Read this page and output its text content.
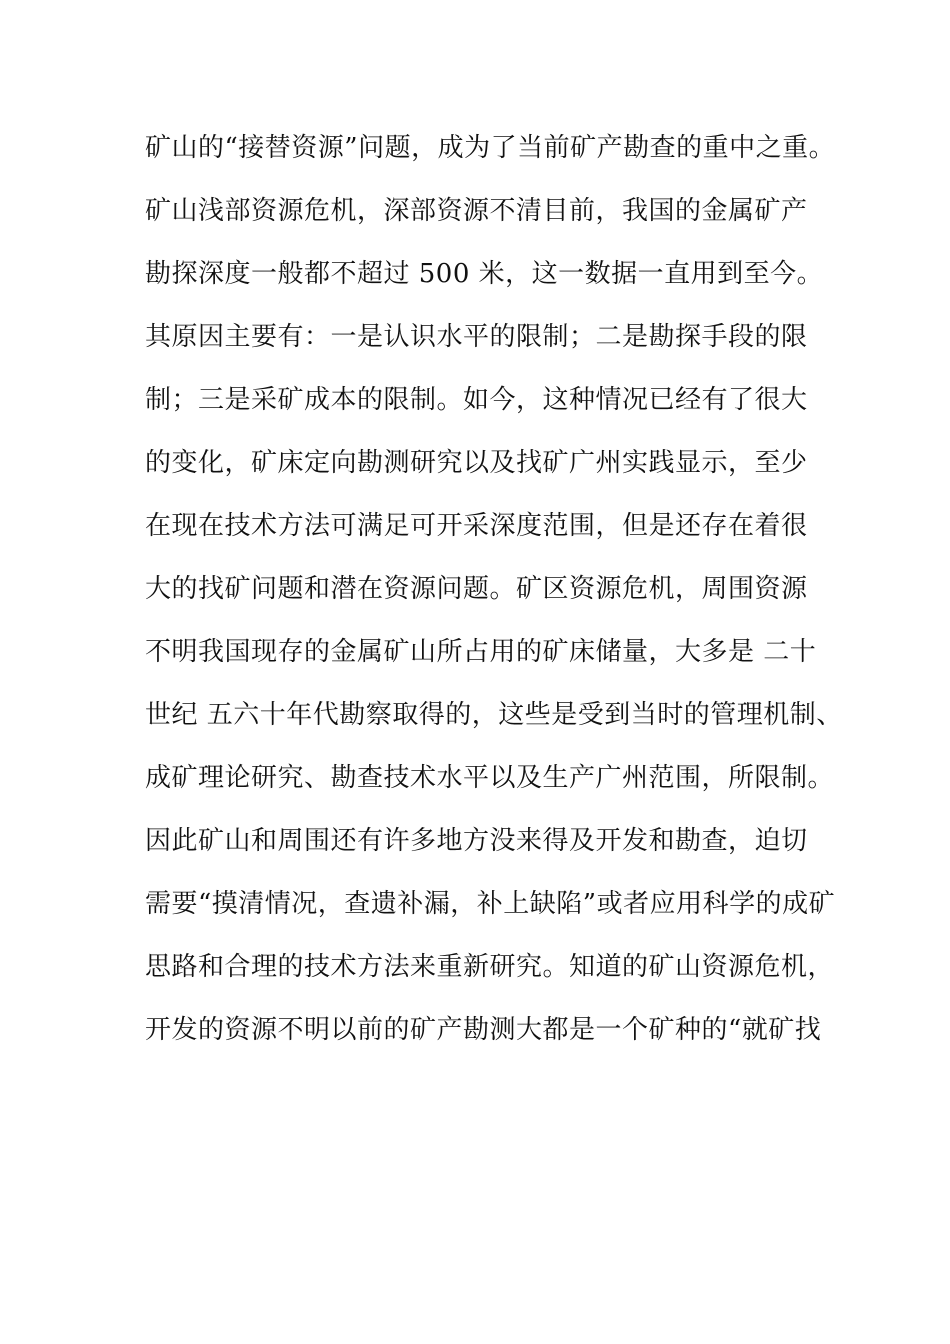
矿山的“接替资源”问题，成为了当前矿产勘查的重中之重。
矿山浅部资源危机，深部资源不清目前，我国的金属矿产
勘探深度一般都不超过 500 米，这一数据一直用到至今。
其原因主要有：一是认识水平的限制；二是勘探手段的限
制；三是采矿成本的限制。如今，这种情况已经有了很大
的变化，矿床定向勘测研究以及找矿广州实践显示，至少
在现在技术方法可满足可开采深度范围，但是还存在着很
大的找矿问题和潜在资源问题。矿区资源危机，周围资源
不明我国现存的金属矿山所占用的矿床储量，大多是 二十
世纪 五六十年代勘察取得的，这些是受到当时的管理机制、
成矿理论研究、勘查技术水平以及生产广州范围，所限制。
因此矿山和周围还有许多地方没来得及开发和勘查，迫切
需要“摸清情况，查遗补漏，补上缺陷”或者应用科学的成矿
思路和合理的技术方法来重新研究。知道的矿山资源危机，
开发的资源不明以前的矿产勘测大都是一个矿种的“就矿找
